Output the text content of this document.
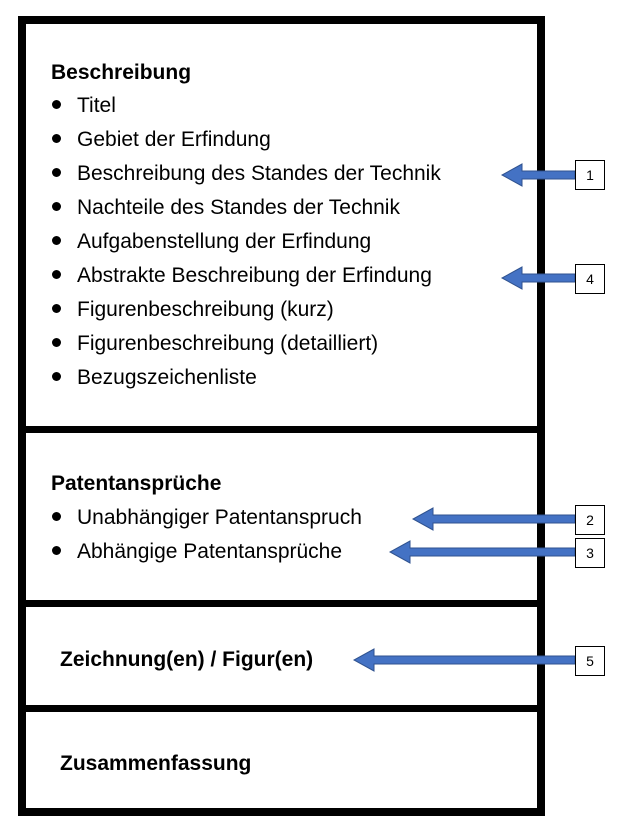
Beschreibung
Titel
Gebiet der Erfindung
Beschreibung des Standes der Technik
Nachteile des Standes der Technik
Aufgabenstellung der Erfindung
Abstrakte Beschreibung der Erfindung
Figurenbeschreibung (kurz)
Figurenbeschreibung (detailliert)
Bezugszeichenliste
Patentansprüche
Unabhängiger Patentanspruch
Abhängige Patentansprüche
Zeichnung(en) / Figur(en)
Zusammenfassung
1
4
2
3
5
